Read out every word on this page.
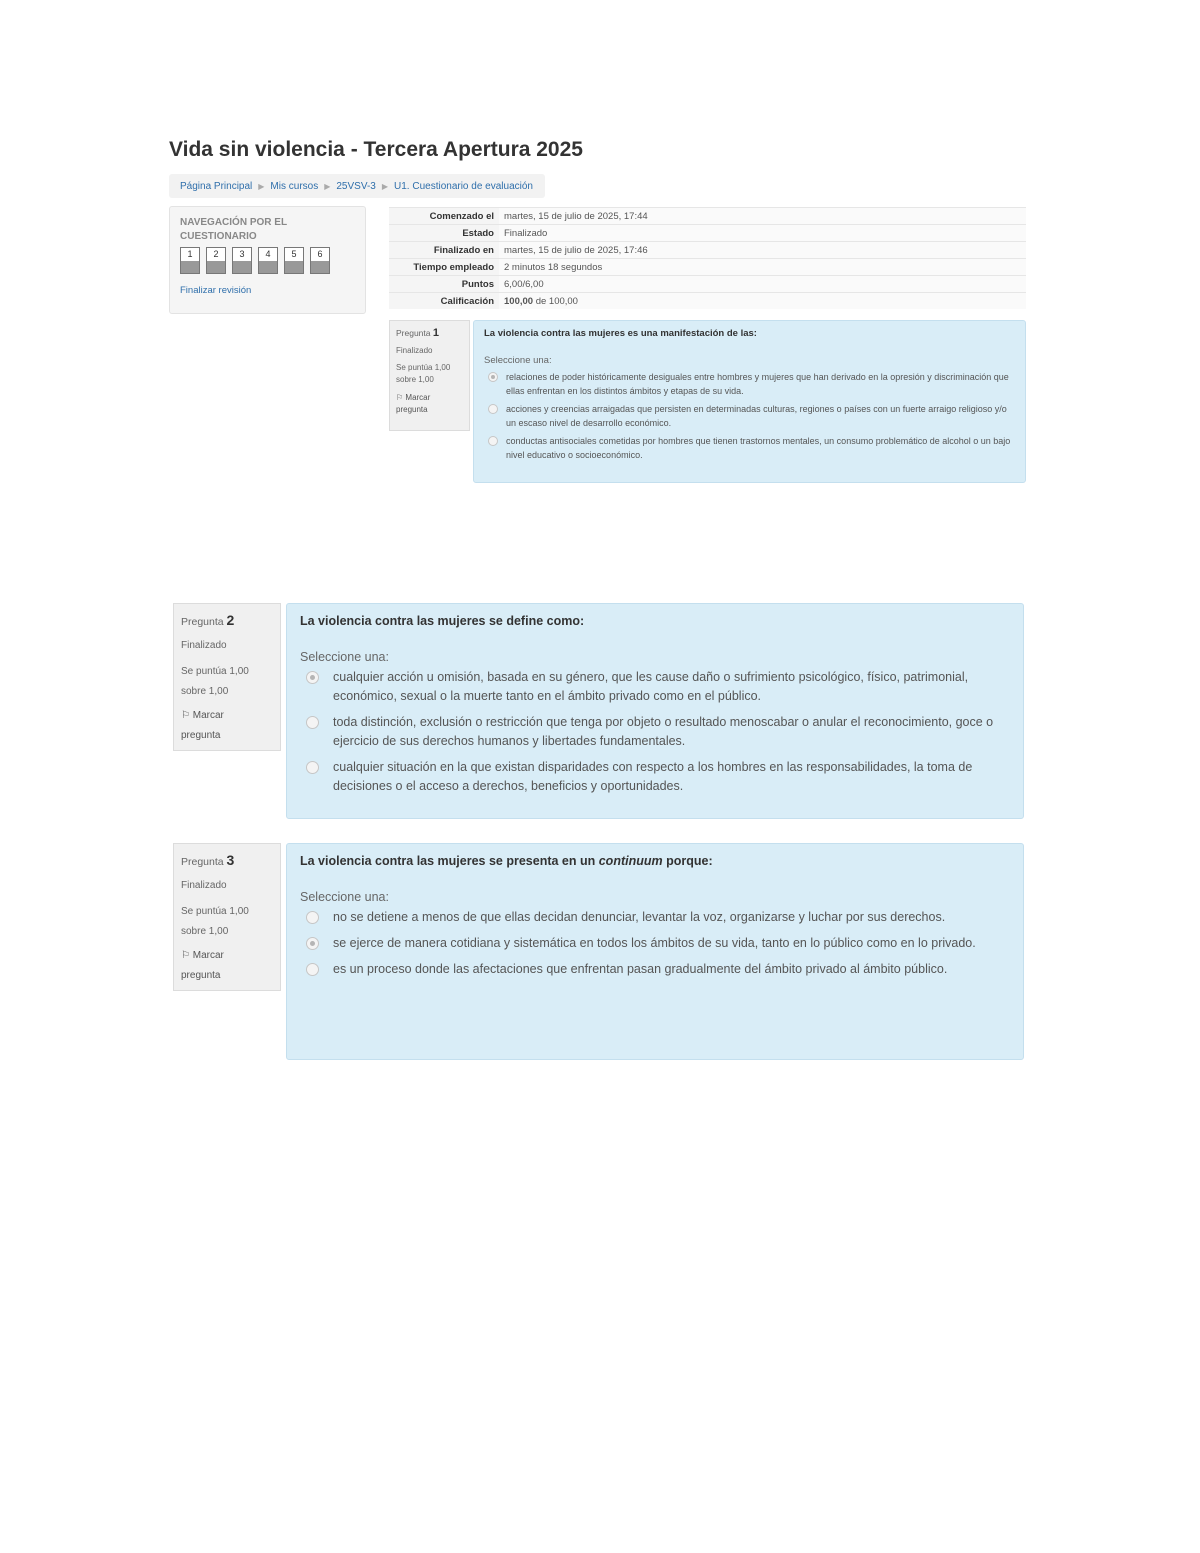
Vida sin violencia - Tercera Apertura 2025
Página Principal ▶ Mis cursos ▶ 25VSV-3 ▶ U1. Cuestionario de evaluación
NAVEGACIÓN POR EL CUESTIONARIO
1	2	3	4	5	6
Finalizar revisión
Comenzado el	martes, 15 de julio de 2025, 17:44
Estado	Finalizado
Finalizado en	martes, 15 de julio de 2025, 17:46
Tiempo empleado	2 minutos 18 segundos
Puntos	6,00/6,00
Calificación	100,00 de 100,00
Pregunta 1
Finalizado
Se puntúa 1,00
sobre 1,00
⚐ Marcar
pregunta
La violencia contra las mujeres es una manifestación de las:
Seleccione una:
relaciones de poder históricamente desiguales entre hombres y mujeres que han derivado en la opresión y discriminación que ellas enfrentan en los distintos ámbitos y etapas de su vida.
acciones y creencias arraigadas que persisten en determinadas culturas, regiones o países con un fuerte arraigo religioso y/o un escaso nivel de desarrollo económico.
conductas antisociales cometidas por hombres que tienen trastornos mentales, un consumo problemático de alcohol o un bajo nivel educativo o socioeconómico.
Pregunta 2
Finalizado
Se puntúa 1,00
sobre 1,00
⚐ Marcar
pregunta
La violencia contra las mujeres se define como:
Seleccione una:
cualquier acción u omisión, basada en su género, que les cause daño o sufrimiento psicológico, físico, patrimonial, económico, sexual o la muerte tanto en el ámbito privado como en el público.
toda distinción, exclusión o restricción que tenga por objeto o resultado menoscabar o anular el reconocimiento, goce o ejercicio de sus derechos humanos y libertades fundamentales.
cualquier situación en la que existan disparidades con respecto a los hombres en las responsabilidades, la toma de decisiones o el acceso a derechos, beneficios y oportunidades.
Pregunta 3
Finalizado
Se puntúa 1,00
sobre 1,00
⚐ Marcar
pregunta
La violencia contra las mujeres se presenta en un continuum porque:
Seleccione una:
no se detiene a menos de que ellas decidan denunciar, levantar la voz, organizarse y luchar por sus derechos.
se ejerce de manera cotidiana y sistemática en todos los ámbitos de su vida, tanto en lo público como en lo privado.
es un proceso donde las afectaciones que enfrentan pasan gradualmente del ámbito privado al ámbito público.
